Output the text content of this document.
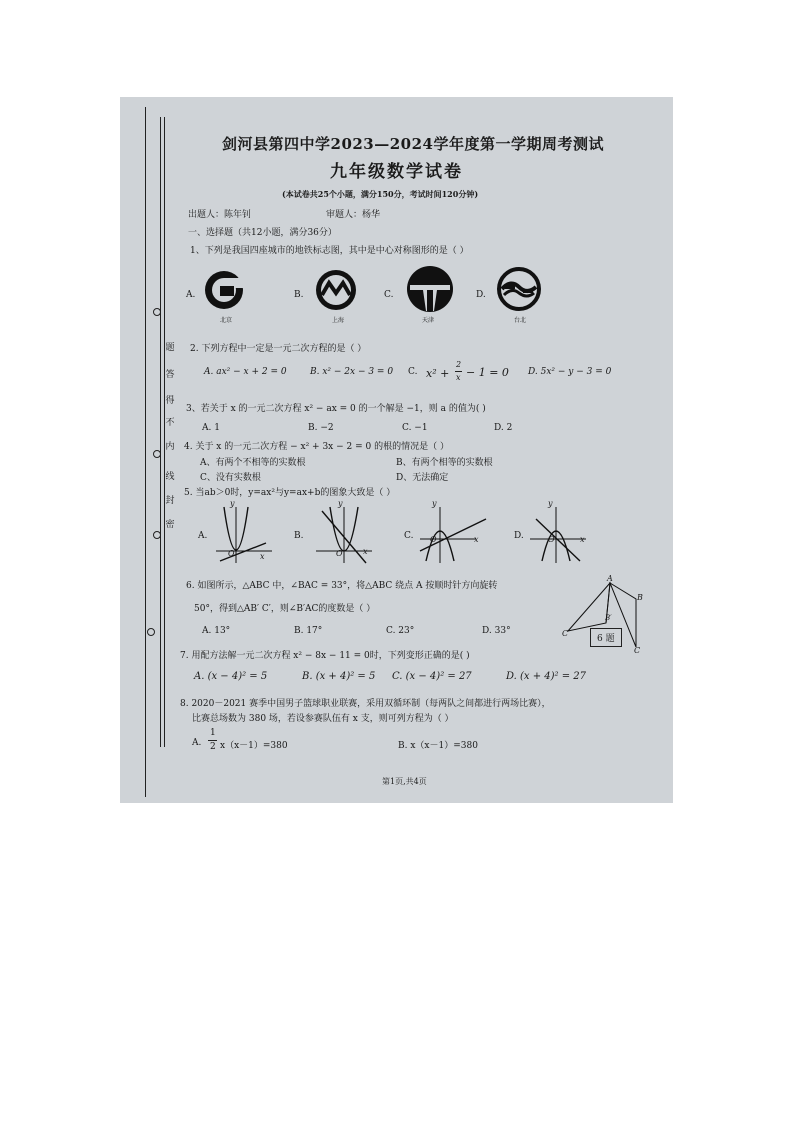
题
答
得
不
内
线
封
密
剑河县第四中学2023—2024学年度第一学期周考测试
九年级数学试卷
(本试卷共25个小题，满分150分，考试时间120分钟)
出题人：陈年钊	审题人：杨华
一、选择题（共12小题，满分36分）
1、下列是我国四座城市的地铁标志图，其中是中心对称图形的是（ ）
A.	B.	C.	D.
北京	上海	天津	台北
2. 下列方程中一定是一元二次方程的是（ ）
A. ax² − x + 2 = 0	B. x² − 2x − 3 = 0 C. x² +
2
x − 1 = 0 D. 5x² − y − 3 = 0
3、若关于 x 的一元二次方程 x² − ax = 0 的一个解是 −1，则 a 的值为( )
A. 1	B. −2	C. −1	D. 2
4. 关于 x 的一元二次方程 − x² + 3x − 2 = 0 的根的情况是（ ）
A、有两个不相等的实数根	B、有两个相等的实数根
C、没有实数根	D、无法确定
5. 当ab＞0时，y=ax²与y=ax+b的图象大致是（ ）
A.	B.	C.	D.
y
x
O
y
x
O
y
x
O
y
x
O
6. 如图所示，△ABC 中，∠BAC = 33°，将△ABC 绕点 A 按顺时针方向旋转
50°，得到△AB′ C′，则∠B′AC的度数是（ ）
A. 13°	B. 17°	C. 23°	D. 33°
A
B
C
C′
B′
6 题
7. 用配方法解一元二次方程 x² − 8x − 11 = 0时，下列变形正确的是( )
A. (x − 4)² = 5	B. (x + 4)² = 5 C. (x − 4)² = 27	D. (x + 4)² = 27
8. 2020－2021 赛季中国男子篮球职业联赛，采用双循环制（每两队之间都进行两场比赛），
比赛总场数为 380 场，若设参赛队伍有 x 支，则可列方程为（ ）
A.
1
2 x（x－1）=380	B. x（x－1）=380
第1页,共4页
